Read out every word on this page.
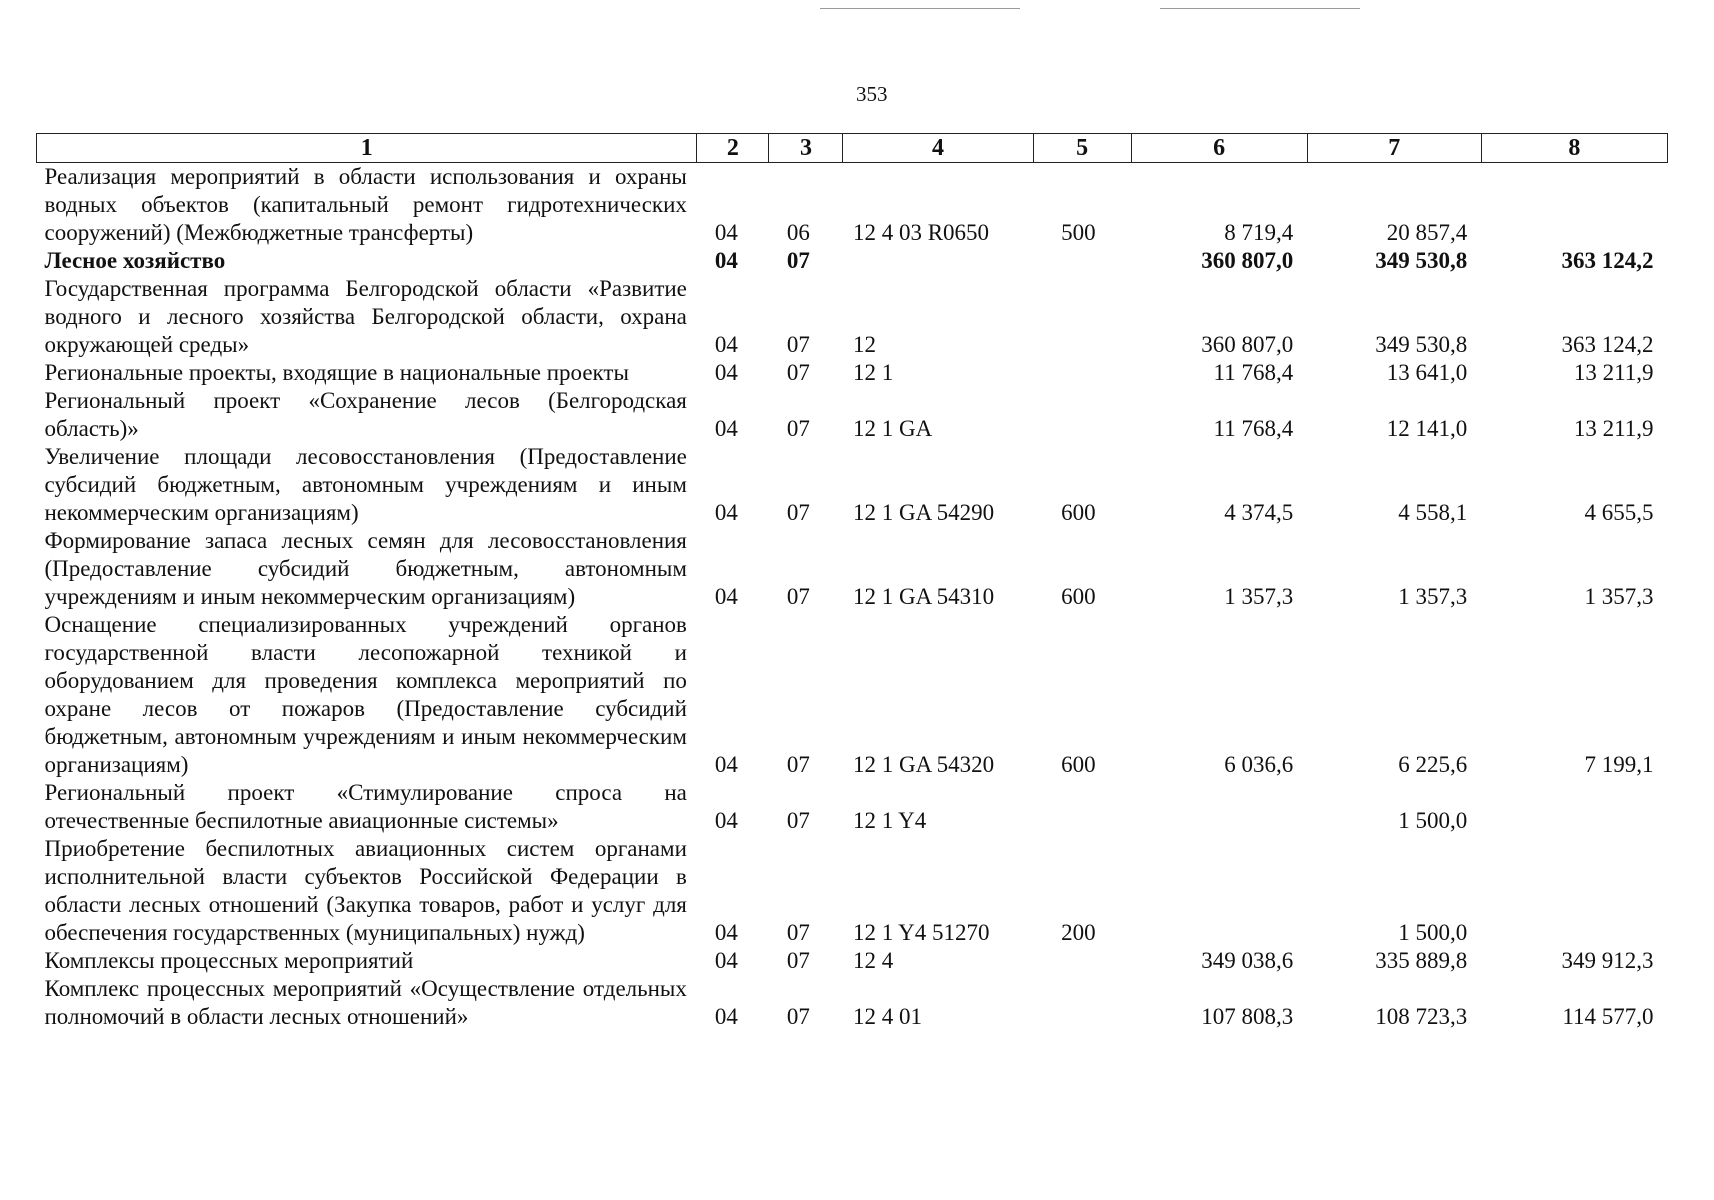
353
1	2	3	4	5	6	7	8
Реализация мероприятий в области использования и охраны водных объектов (капитальный ремонт гидротехнических сооружений) (Межбюджетные трансферты)	04	06	12 4 03 R0650	500	8 719,4	20 857,4	
Лесное хозяйство	04	07			360 807,0	349 530,8	363 124,2
Государственная программа Белгородской области «Развитие водного и лесного хозяйства Белгородской области, охрана окружающей среды»	04	07	12		360 807,0	349 530,8	363 124,2
Региональные проекты, входящие в национальные проекты	04	07	12 1		11 768,4	13 641,0	13 211,9
Региональный проект «Сохранение лесов (Белгородская область)»	04	07	12 1 GA		11 768,4	12 141,0	13 211,9
Увеличение площади лесовосстановления (Предоставление субсидий бюджетным, автономным учреждениям и иным некоммерческим организациям)	04	07	12 1 GA 54290	600	4 374,5	4 558,1	4 655,5
Формирование запаса лесных семян для лесовосстановления (Предоставление субсидий бюджетным, автономным учреждениям и иным некоммерческим организациям)	04	07	12 1 GA 54310	600	1 357,3	1 357,3	1 357,3
Оснащение специализированных учреждений органов государственной власти лесопожарной техникой и оборудованием для проведения комплекса мероприятий по охране лесов от пожаров (Предоставление субсидий бюджетным, автономным учреждениям и иным некоммерческим организациям)	04	07	12 1 GA 54320	600	6 036,6	6 225,6	7 199,1
Региональный проект «Стимулирование спроса на отечественные беспилотные авиационные системы»	04	07	12 1 Y4			1 500,0	
Приобретение беспилотных авиационных систем органами исполнительной власти субъектов Российской Федерации в области лесных отношений (Закупка товаров, работ и услуг для обеспечения государственных (муниципальных) нужд)	04	07	12 1 Y4 51270	200		1 500,0	
Комплексы процессных мероприятий	04	07	12 4		349 038,6	335 889,8	349 912,3
Комплекс процессных мероприятий «Осуществление отдельных полномочий в области лесных отношений»	04	07	12 4 01		107 808,3	108 723,3	114 577,0
